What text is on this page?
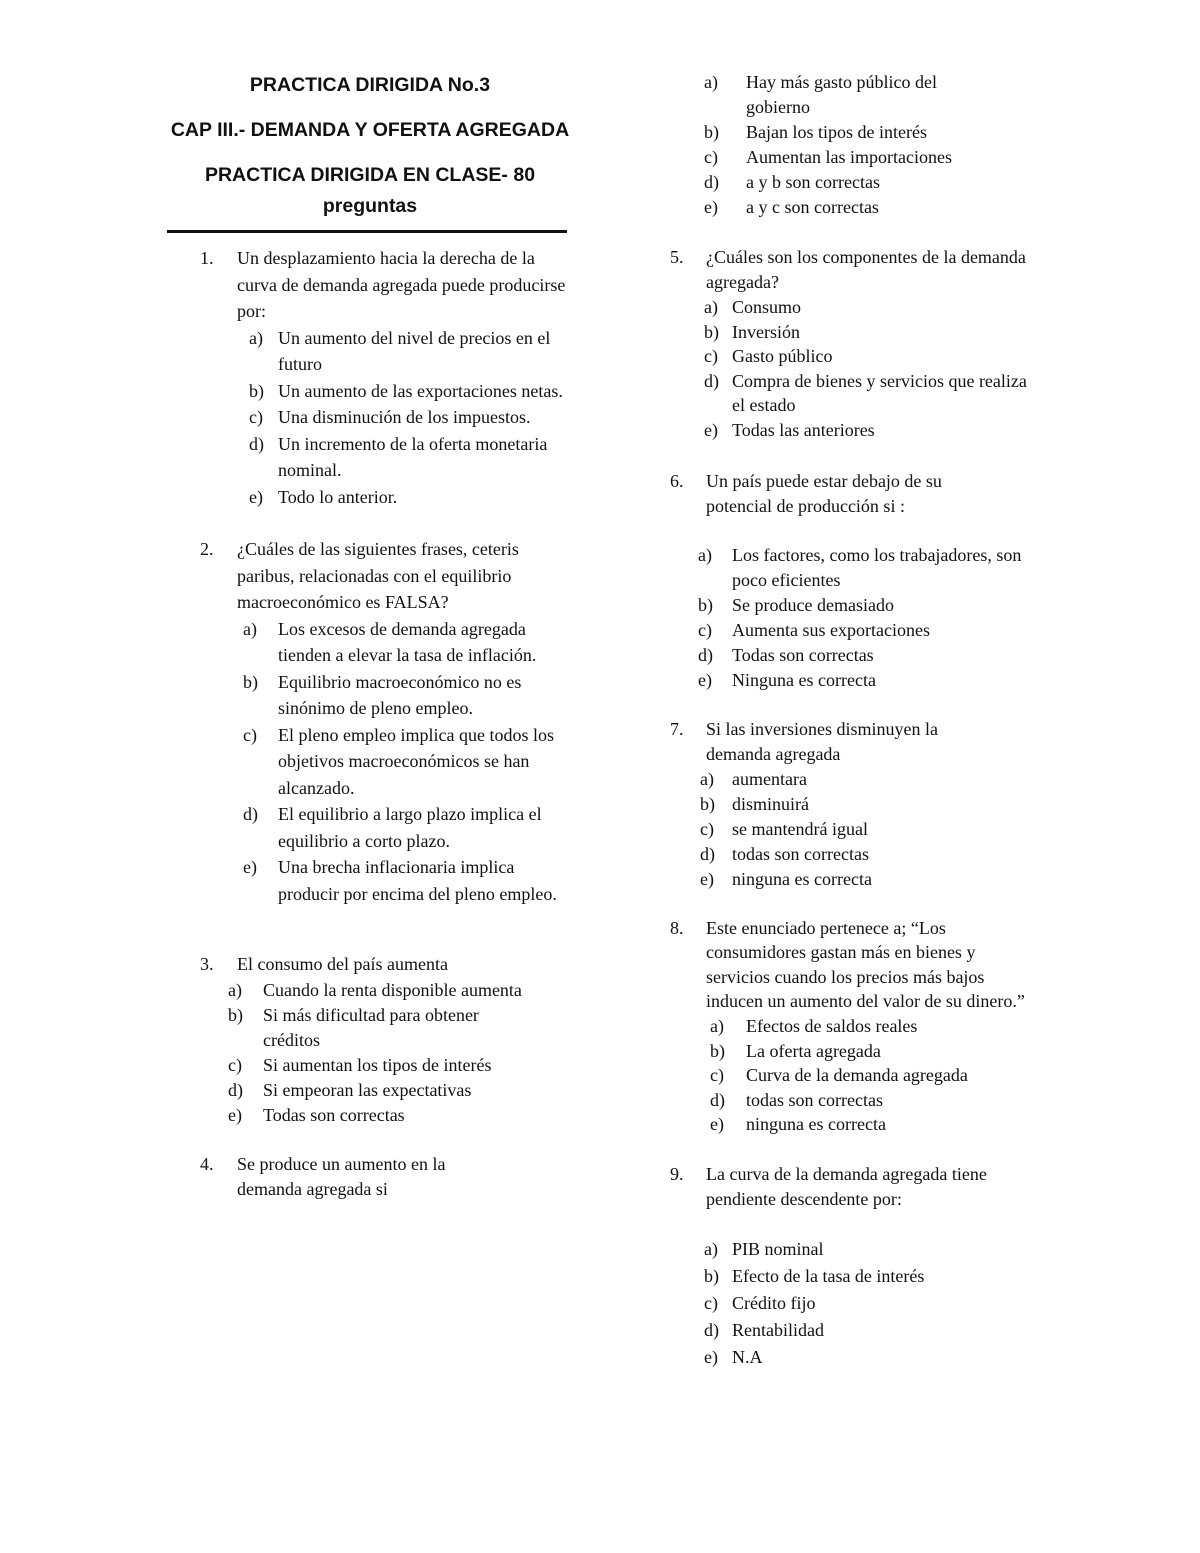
PRACTICA DIRIGIDA No.3
CAP III.- DEMANDA Y OFERTA AGREGADA
PRACTICA DIRIGIDA EN CLASE- 80 preguntas
1. Un desplazamiento hacia la derecha de la curva de demanda agregada puede producirse por:
a) Un aumento del nivel de precios en el futuro
b) Un aumento de las exportaciones netas.
c) Una disminución de los impuestos.
d) Un incremento de la oferta monetaria nominal.
e) Todo lo anterior.
2. ¿Cuáles de las siguientes frases, ceteris paribus, relacionadas con el equilibrio macroeconómico es FALSA?
a) Los excesos de demanda agregada tienden a elevar la tasa de inflación.
b) Equilibrio macroeconómico no es sinónimo de pleno empleo.
c) El pleno empleo implica que todos los objetivos macroeconómicos se han alcanzado.
d) El equilibrio a largo plazo implica el equilibrio a corto plazo.
e) Una brecha inflacionaria implica producir por encima del pleno empleo.
3. El consumo del país aumenta
a) Cuando la renta disponible aumenta
b) Si más dificultad para obtener créditos
c) Si aumentan los tipos de interés
d) Si empeoran las expectativas
e) Todas son correctas
4. Se produce un aumento en la demanda agregada si
a) Hay más gasto público del gobierno
b) Bajan los tipos de interés
c) Aumentan las importaciones
d) a y b son correctas
e) a y c son correctas
5. ¿Cuáles son los componentes de la demanda agregada?
a) Consumo
b) Inversión
c) Gasto público
d) Compra de bienes y servicios que realiza el estado
e) Todas las anteriores
6. Un país puede estar debajo de su potencial de producción si :
a) Los factores, como los trabajadores, son poco eficientes
b) Se produce demasiado
c) Aumenta sus exportaciones
d) Todas son correctas
e) Ninguna es correcta
7. Si las inversiones disminuyen la demanda agregada
a) aumentara
b) disminuirá
c) se mantendrá igual
d) todas son correctas
e) ninguna es correcta
8. Este enunciado pertenece a; “Los consumidores gastan más en bienes y servicios cuando los precios más bajos inducen un aumento del valor de su dinero.”
a) Efectos de saldos reales
b) La oferta agregada
c) Curva de la demanda agregada
d) todas son correctas
e) ninguna es correcta
9. La curva de la demanda agregada tiene pendiente descendente por:
a) PIB nominal
b) Efecto de la tasa de interés
c) Crédito fijo
d) Rentabilidad
e) N.A
